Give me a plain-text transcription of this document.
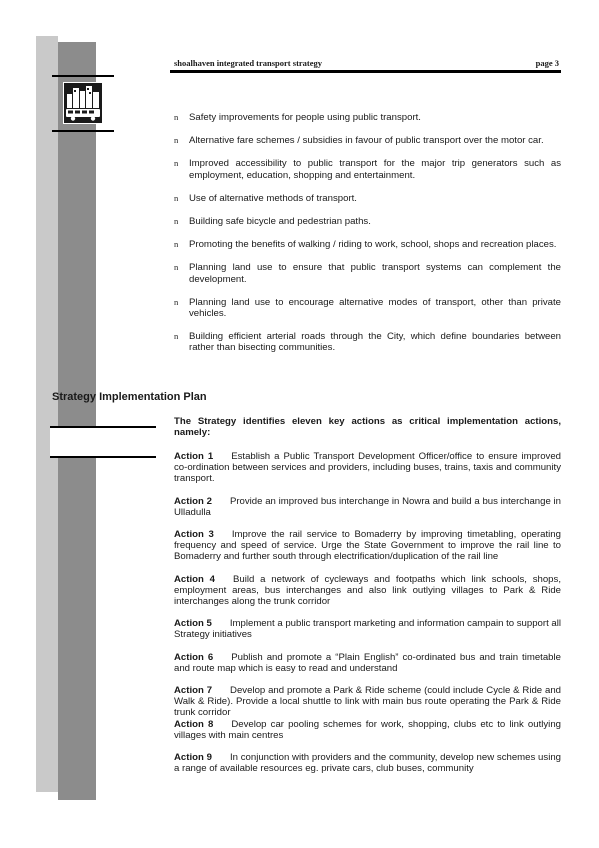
shoalhaven integrated transport strategy	page 3
n Safety improvements for people using public transport.
n Alternative fare schemes / subsidies in favour of public transport over the motor car.
n Improved accessibility to public transport for the major trip generators such as employment, education, shopping and entertainment.
n Use of alternative methods of transport.
n Building safe bicycle and pedestrian paths.
n Promoting the benefits of walking / riding to work, school, shops and recreation places.
n Planning land use to ensure that public transport systems can complement the development.
n Planning land use to encourage alternative modes of transport, other than private vehicles.
n Building efficient arterial roads through the City, which define boundaries between rather than bisecting communities.
Strategy Implementation Plan

The Strategy identifies eleven key actions as critical implementation actions, namely:

Action 1 Establish a Public Transport Development Officer/office to ensure improved co-ordination between services and providers, including buses, trains, taxis and community transport.

Action 2 Provide an improved bus interchange in Nowra and build a bus interchange in Ulladulla

Action 3 Improve the rail service to Bomaderry by improving timetabling, operating frequency and speed of service. Urge the State Government to improve the rail line to Bomaderry and further south through electrification/duplication of the rail line

Action 4 Build a network of cycleways and footpaths which link schools, shops, employment areas, bus interchanges and also link outlying villages to Park & Ride interchanges along the trunk corridor

Action 5 Implement a public transport marketing and information campain to support all Strategy initiatives

Action 6 Publish and promote a “Plain English” co-ordinated bus and train timetable and route map which is easy to read and understand

Action 7 Develop and promote a Park & Ride scheme (could include Cycle & Ride and Walk & Ride). Provide a local shuttle to link with main bus route operating the Park & Ride trunk corridor

Action 8 Develop car pooling schemes for work, shopping, clubs etc to link outlying villages with main centres

Action 9 In conjunction with providers and the community, develop new schemes using a range of available resources eg. private cars, club buses, community
